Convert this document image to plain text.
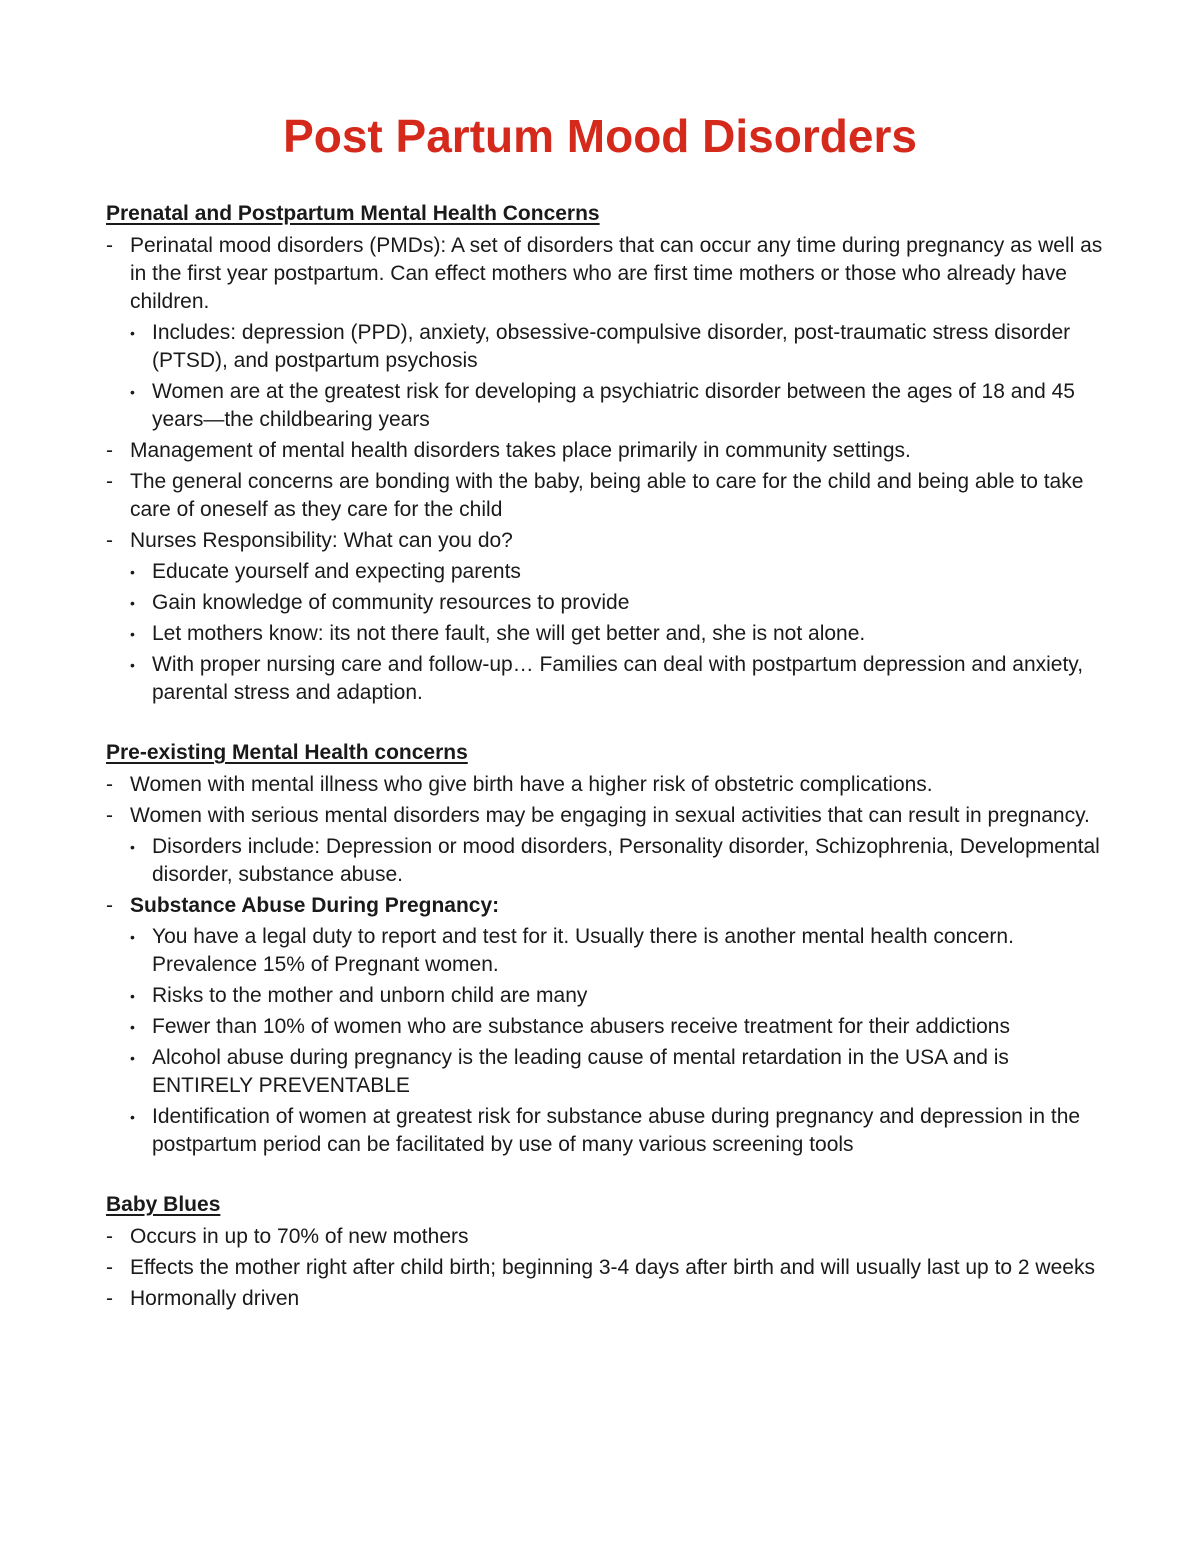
Post Partum Mood Disorders
Prenatal and Postpartum Mental Health Concerns
- Perinatal mood disorders (PMDs): A set of disorders that can occur any time during pregnancy as well as in the first year postpartum. Can effect mothers who are first time mothers or those who already have children.
• Includes: depression (PPD), anxiety, obsessive-compulsive disorder, post-traumatic stress disorder (PTSD), and postpartum psychosis
• Women are at the greatest risk for developing a psychiatric disorder between the ages of 18 and 45 years—the childbearing years
- Management of mental health disorders takes place primarily in community settings.
- The general concerns are bonding with the baby, being able to care for the child and being able to take care of oneself as they care for the child
- Nurses Responsibility: What can you do?
• Educate yourself and expecting parents
• Gain knowledge of community resources to provide
• Let mothers know: its not there fault, she will get better and, she is not alone.
• With proper nursing care and follow-up… Families can deal with postpartum depression and anxiety, parental stress and adaption.
Pre-existing Mental Health concerns
- Women with mental illness who give birth have a higher risk of obstetric complications.
- Women with serious mental disorders may be engaging in sexual activities that can result in pregnancy.
• Disorders include: Depression or mood disorders, Personality disorder, Schizophrenia, Developmental disorder, substance abuse.
- Substance Abuse During Pregnancy:
• You have a legal duty to report and test for it. Usually there is another mental health concern. Prevalence 15% of Pregnant women.
• Risks to the mother and unborn child are many
• Fewer than 10% of women who are substance abusers receive treatment for their addictions
• Alcohol abuse during pregnancy is the leading cause of mental retardation in the USA and is ENTIRELY PREVENTABLE
• Identification of women at greatest risk for substance abuse during pregnancy and depression in the postpartum period can be facilitated by use of many various screening tools
Baby Blues
- Occurs in up to 70% of new mothers
- Effects the mother right after child birth; beginning 3-4 days after birth and will usually last up to 2 weeks
- Hormonally driven
